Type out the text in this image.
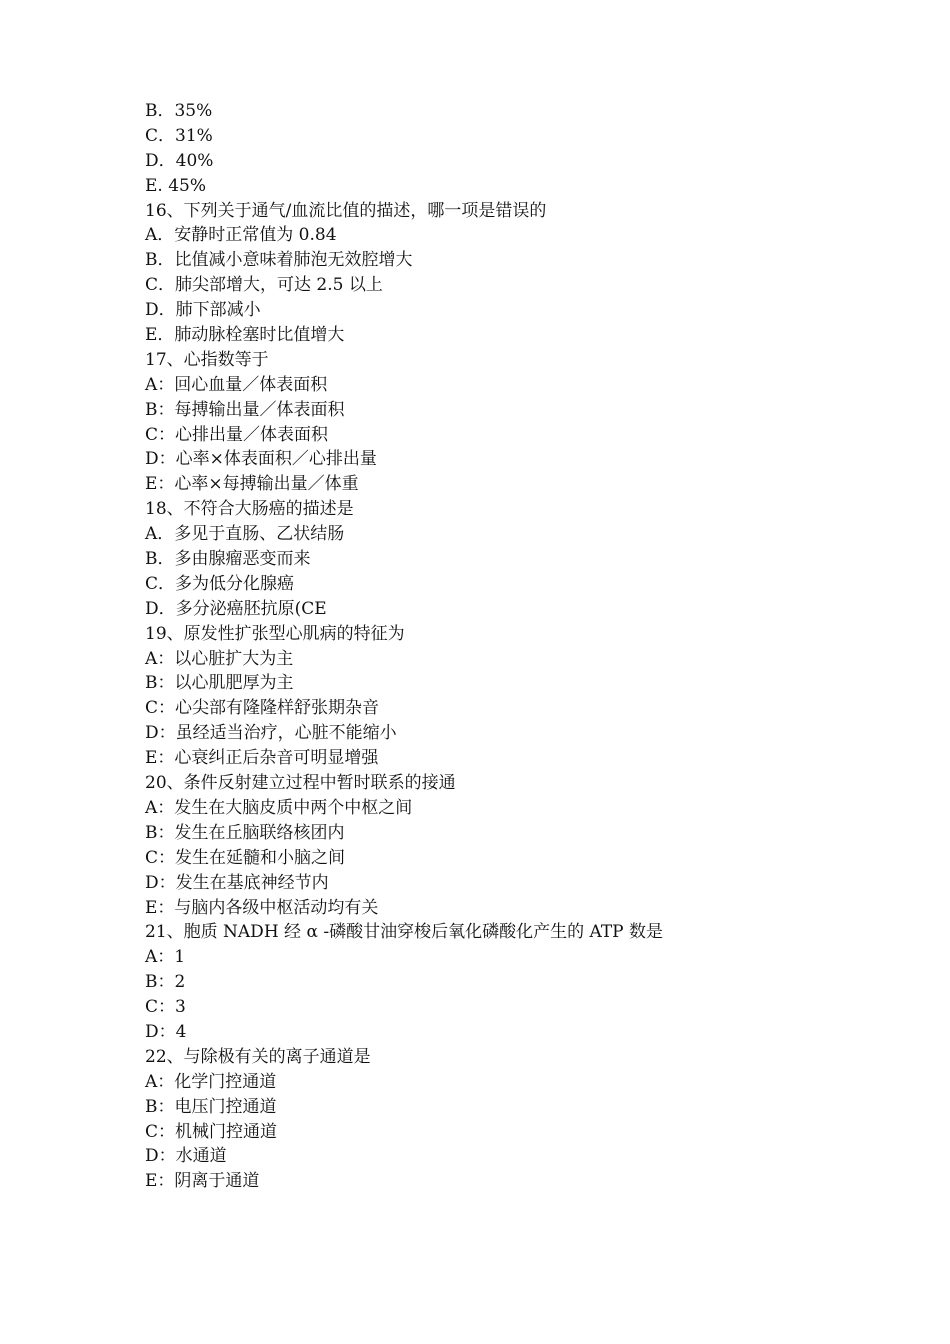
B．35%
C．31%
D．40%
E. 45%
16、下列关于通气/血流比值的描述，哪一项是错误的
A．安静时正常值为 0.84
B．比值减小意味着肺泡无效腔增大
C．肺尖部增大，可达 2.5 以上
D．肺下部减小
E．肺动脉栓塞时比值增大
17、心指数等于
A：回心血量／体表面积
B：每搏输出量／体表面积
C：心排出量／体表面积
D：心率×体表面积／心排出量
E：心率×每搏输出量／体重
18、不符合大肠癌的描述是
A．多见于直肠、乙状结肠
B．多由腺瘤恶变而来
C．多为低分化腺癌
D．多分泌癌胚抗原(CE
19、原发性扩张型心肌病的特征为
A：以心脏扩大为主
B：以心肌肥厚为主
C：心尖部有隆隆样舒张期杂音
D：虽经适当治疗，心脏不能缩小
E：心衰纠正后杂音可明显增强
20、条件反射建立过程中暂时联系的接通
A：发生在大脑皮质中两个中枢之间
B：发生在丘脑联络核团内
C：发生在延髓和小脑之间
D：发生在基底神经节内
E：与脑内各级中枢活动均有关
21、胞质 NADH 经 α -磷酸甘油穿梭后氧化磷酸化产生的 ATP 数是
A：1
B：2
C：3
D：4
22、与除极有关的离子通道是
A：化学门控通道
B：电压门控通道
C：机械门控通道
D：水通道
E：阴离于通道
